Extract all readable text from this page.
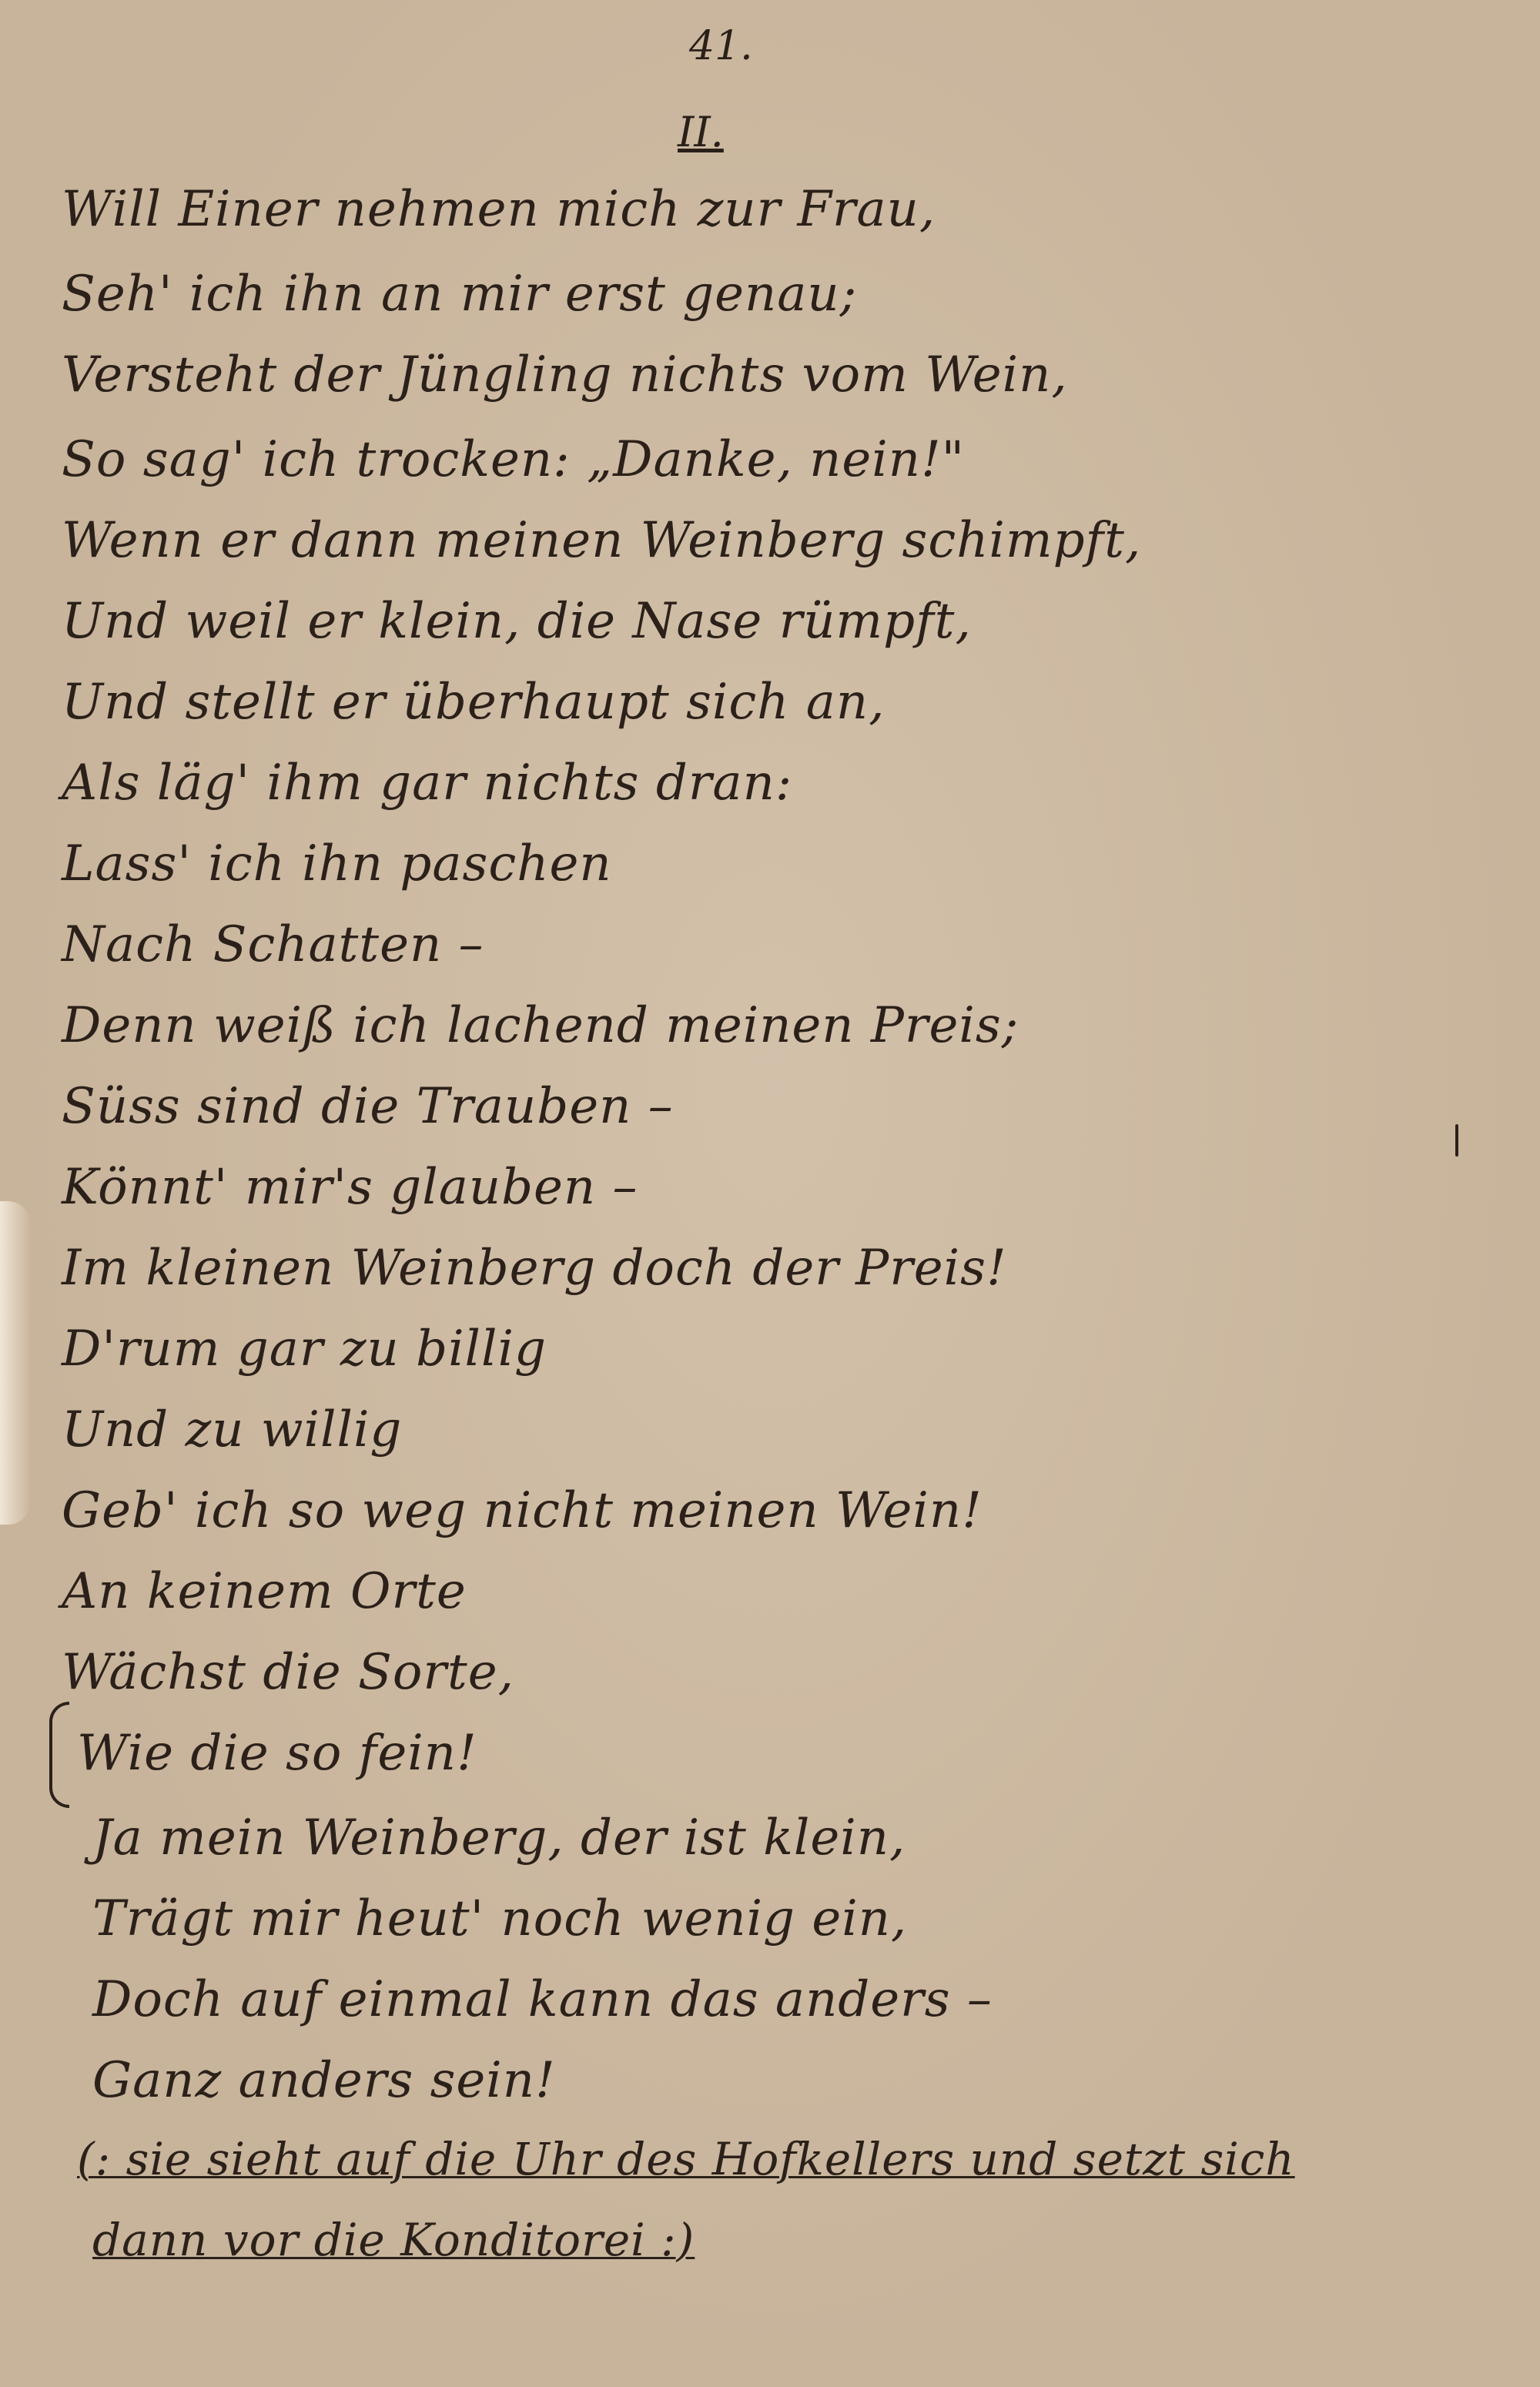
41.
II.
Will Einer nehmen mich zur Frau,
Seh' ich ihn an mir erst genau;
Versteht der Jüngling nichts vom Wein,
So sag' ich trocken: „Danke, nein!"
Wenn er dann meinen Weinberg schimpft,
Und weil er klein, die Nase rümpft,
Und stellt er überhaupt sich an,
Als läg' ihm gar nichts dran:
Lass' ich ihn paschen
Nach Schatten –
Denn weiß ich lachend meinen Preis;
Süss sind die Trauben –
Könnt' mir's glauben –
Im kleinen Weinberg doch der Preis!
D'rum gar zu billig
Und zu willig
Geb' ich so weg nicht meinen Wein!
An keinem Orte
Wächst die Sorte,
Wie die so fein!
Ja mein Weinberg, der ist klein,
Trägt mir heut' noch wenig ein,
Doch auf einmal kann das anders –
Ganz anders sein!
(: sie sieht auf die Uhr des Hofkellers und setzt sich
dann vor die Konditorei :)
